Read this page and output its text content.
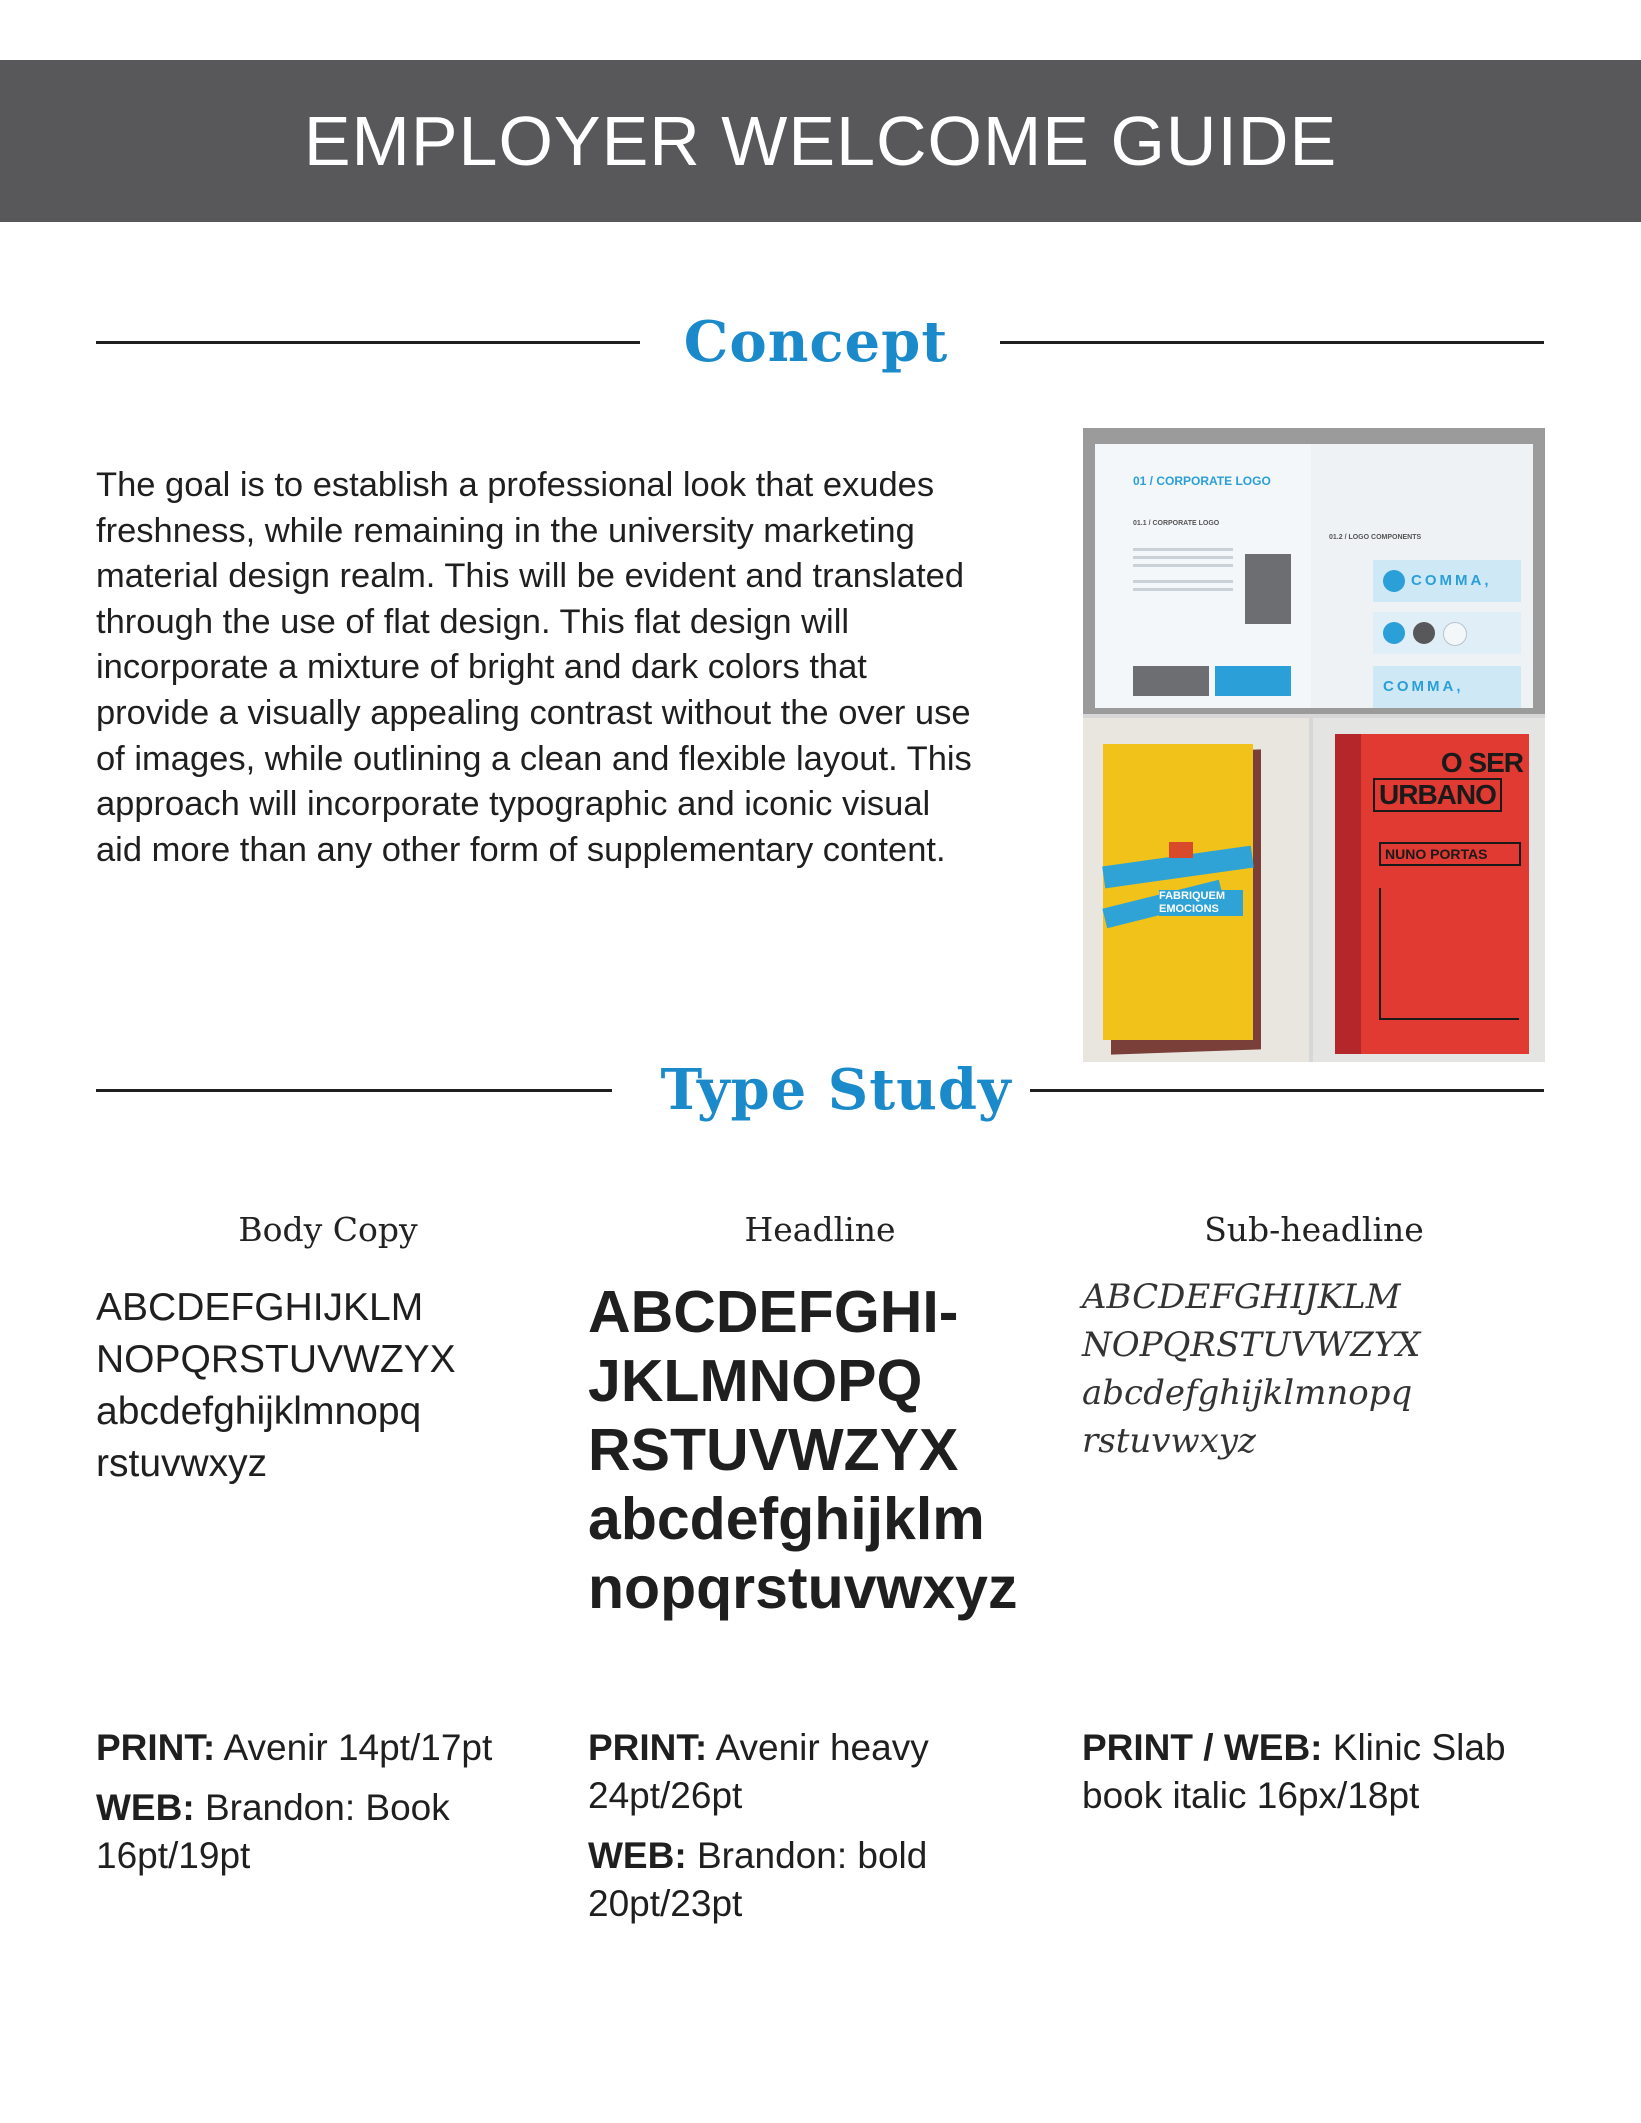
EMPLOYER WELCOME GUIDE
Concept
The goal is to establish a professional look that exudes
freshness, while remaining in the university marketing
material design realm. This will be evident and translated
through the use of flat design. This flat design will
incorporate a mixture of bright and dark colors that
provide a visually appealing contrast without the over use
of images, while outlining a clean and flexible layout. This
approach will incorporate typographic and iconic visual
aid more than any other form of supplementary content.
01 / CORPORATE LOGO
01.1 / CORPORATE LOGO
01.2 / LOGO COMPONENTS
COMMA,
COMMA,
FABRIQUEM EMOCIONS
O SER
URBANO
NUNO PORTAS
Type Study
Body Copy	Headline	Sub-headline
ABCDEFGHIJKLM
NOPQRSTUVWZYX
abcdefghijklmnopq
rstuvwxyz
ABCDEFGHI-
JKLMNOPQ
RSTUVWZYX
abcdefghijklm
nopqrstuvwxyz
ABCDEFGHIJKLM
NOPQRSTUVWZYX
abcdefghijklmnopq
rstuvwxyz
PRINT: Avenir 14pt/17pt
WEB: Brandon: Book 16pt/19pt
PRINT: Avenir heavy 24pt/26pt
WEB: Brandon: bold 20pt/23pt
PRINT / WEB: Klinic Slab book italic 16px/18pt
